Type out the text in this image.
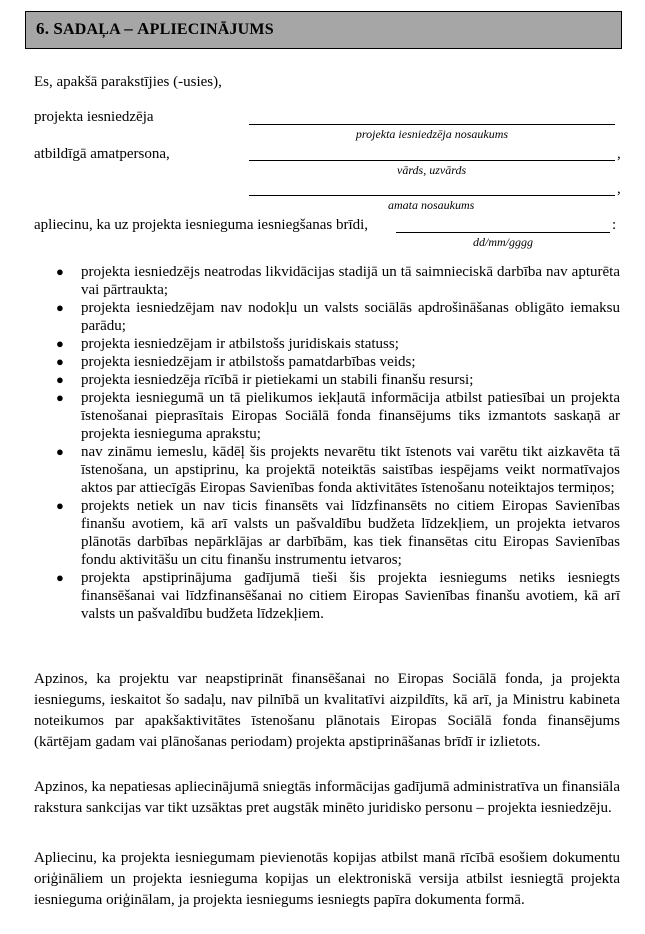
6. SADAĻA – APLIECINĀJUMS
Es, apakšā parakstījies (-usies),
projekta iesniedzēja
projekta iesniedzēja nosaukums
atbildīgā amatpersona,	,
vārds, uzvārds
,
amata nosaukums
apliecinu, ka uz projekta iesnieguma iesniegšanas brīdi,	:
dd/mm/gggg
● projekta iesniedzējs neatrodas likvidācijas stadijā un tā saimnieciskā darbība nav apturēta vai pārtraukta;
● projekta iesniedzējam nav nodokļu un valsts sociālās apdrošināšanas obligāto iemaksu parādu;
● projekta iesniedzējam ir atbilstošs juridiskais statuss;
● projekta iesniedzējam ir atbilstošs pamatdarbības veids;
● projekta iesniedzēja rīcībā ir pietiekami un stabili finanšu resursi;
● projekta iesniegumā un tā pielikumos iekļautā informācija atbilst patiesībai un projekta īstenošanai pieprasītais Eiropas Sociālā fonda finansējums tiks izmantots saskaņā ar projekta iesnieguma aprakstu;
● nav zināmu iemeslu, kādēļ šis projekts nevarētu tikt īstenots vai varētu tikt aizkavēta tā īstenošana, un apstiprinu, ka projektā noteiktās saistības iespējams veikt normatīvajos aktos par attiecīgās Eiropas Savienības fonda aktivitātes īstenošanu noteiktajos termiņos;
● projekts netiek un nav ticis finansēts vai līdzfinansēts no citiem Eiropas Savienības finanšu avotiem, kā arī valsts un pašvaldību budžeta līdzekļiem, un projekta ietvaros plānotās darbības nepārklājas ar darbībām, kas tiek finansētas citu Eiropas Savienības fondu aktivitāšu un citu finanšu instrumentu ietvaros;
● projekta apstiprinājuma gadījumā tieši šis projekta iesniegums netiks iesniegts finansēšanai vai līdzfinansēšanai no citiem Eiropas Savienības finanšu avotiem, kā arī valsts un pašvaldību budžeta līdzekļiem.

Apzinos, ka projektu var neapstiprināt finansēšanai no Eiropas Sociālā fonda, ja projekta iesniegums, ieskaitot šo sadaļu, nav pilnībā un kvalitatīvi aizpildīts, kā arī, ja Ministru kabineta noteikumos par apakšaktivitātes īstenošanu plānotais Eiropas Sociālā fonda finansējums (kārtējam gadam vai plānošanas periodam) projekta apstiprināšanas brīdī ir izlietots.

Apzinos, ka nepatiesas apliecinājumā sniegtās informācijas gadījumā administratīva un finansiāla rakstura sankcijas var tikt uzsāktas pret augstāk minēto juridisko personu – projekta iesniedzēju.

Apliecinu, ka projekta iesniegumam pievienotās kopijas atbilst manā rīcībā esošiem dokumentu oriģināliem un projekta iesnieguma kopijas un elektroniskā versija atbilst iesniegtā projekta iesnieguma oriģinālam, ja projekta iesniegums iesniegts papīra dokumenta formā.
